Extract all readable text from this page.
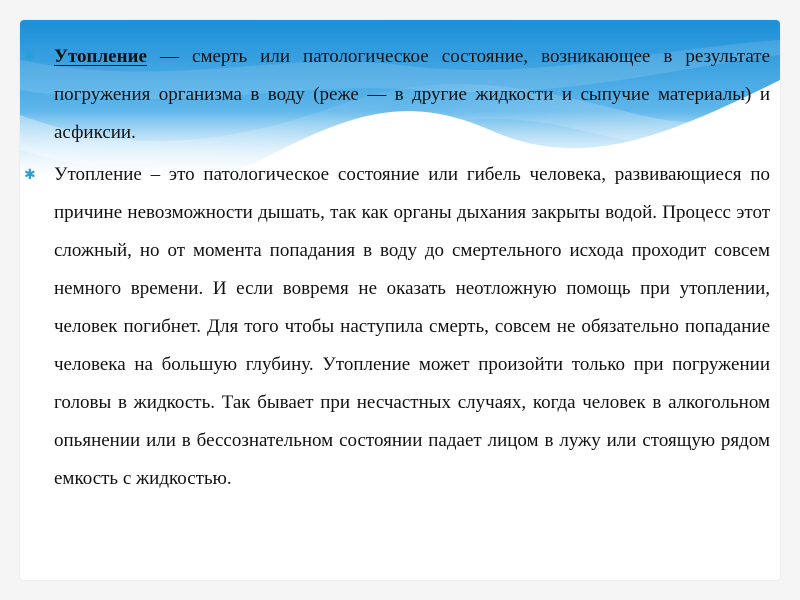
✱ Утопление — смерть или патологическое состояние, возникающее в результате погружения организма в воду (реже — в другие жидкости и сыпучие материалы) и асфиксии.
✱ Утопление – это патологическое состояние или гибель человека, развивающиеся по причине невозможности дышать, так как органы дыхания закрыты водой. Процесс этот сложный, но от момента попадания в воду до смертельного исхода проходит совсем немного времени. И если вовремя не оказать неотложную помощь при утоплении, человек погибнет. Для того чтобы наступила смерть, совсем не обязательно попадание человека на большую глубину. Утопление может произойти только при погружении головы в жидкость. Так бывает при несчастных случаях, когда человек в алкогольном опьянении или в бессознательном состоянии падает лицом в лужу или стоящую рядом емкость с жидкостью.
